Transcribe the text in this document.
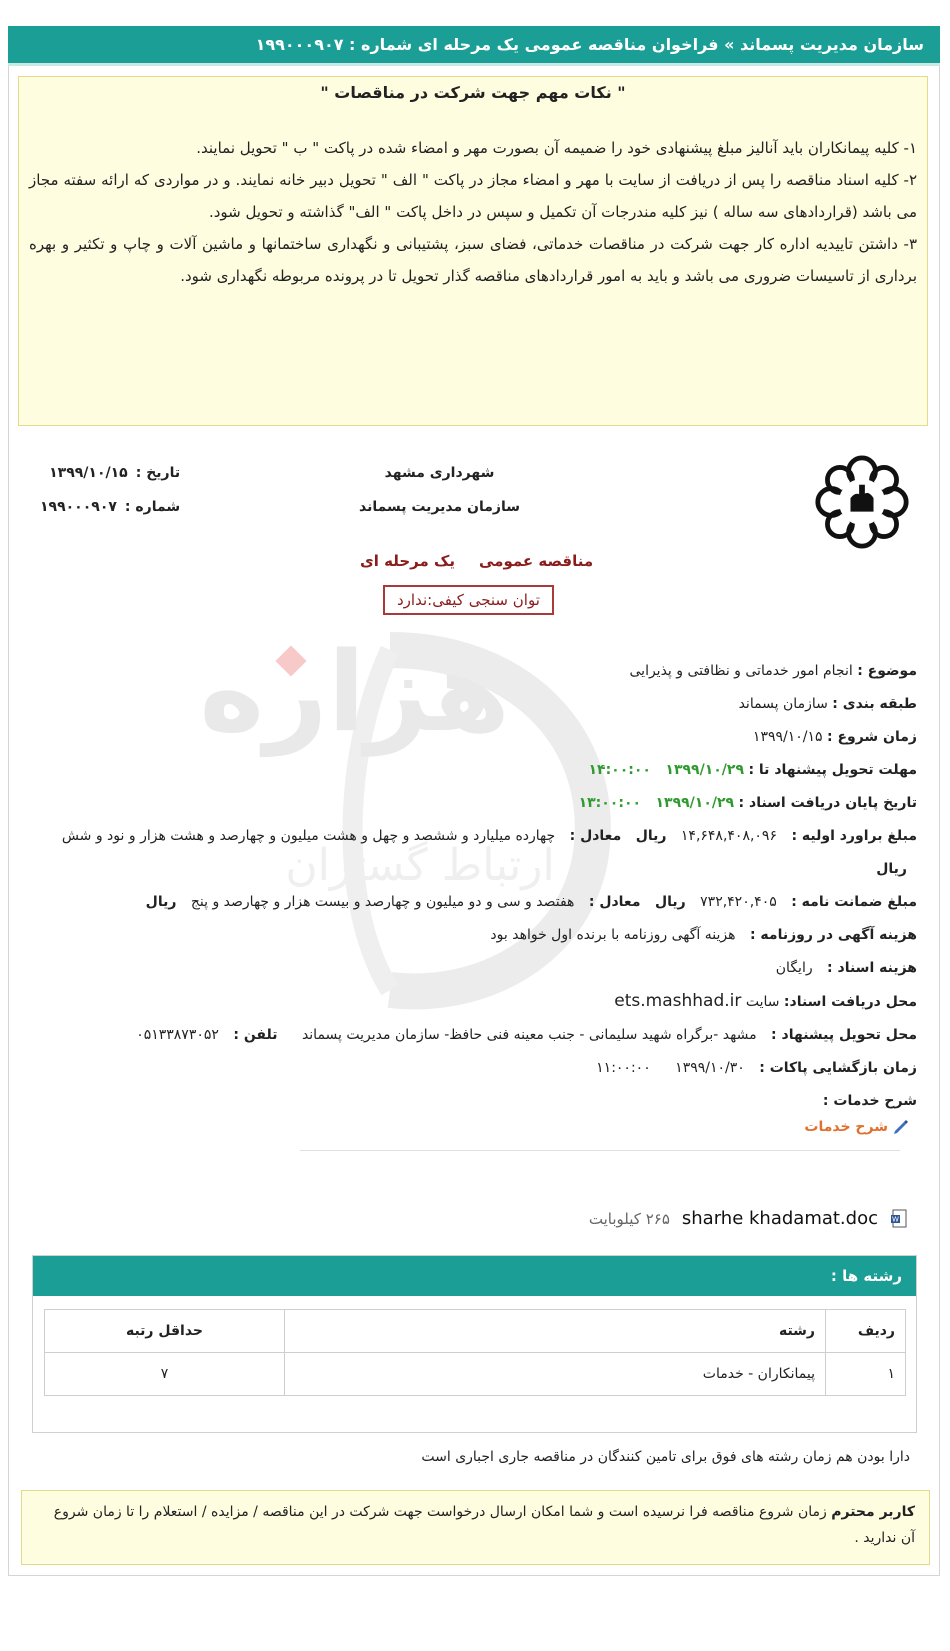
سازمان مدیریت پسماند » فراخوان مناقصه عمومی یک مرحله ای شماره : ۱۹۹۰۰۰۹۰۷
" نکات مهم جهت شرکت در مناقصات "

۱- کلیه پیمانکاران باید آنالیز مبلغ پیشنهادی خود را ضمیمه آن بصورت مهر و امضاء شده در پاکت " ب " تحویل نمایند.

۲- کلیه اسناد مناقصه را پس از دریافت از سایت با مهر و امضاء مجاز در پاکت " الف " تحویل دبیر خانه نمایند. و در مواردی که ارائه سفته مجاز می باشد (قراردادهای سه ساله ) نیز کلیه مندرجات آن تکمیل و سپس در داخل پاکت " الف" گذاشته و تحویل شود.

۳- داشتن تاییدیه اداره کار جهت شرکت در مناقصات خدماتی، فضای سبز، پشتیبانی و نگهداری ساختمانها و ماشین آلات و چاپ و تکثیر و بهره برداری از تاسیسات ضروری می باشد و باید به امور قراردادهای مناقصه گذار تحویل تا در پرونده مربوطه نگهداری شود.

هزاره
ارتباط گستران
شهرداری مشهد
سازمان مدیریت پسماند
تاریخ :
۱۳۹۹/۱۰/۱۵
شماره :
۱۹۹۰۰۰۹۰۷
مناقصه عمومی
یک مرحله ای
توان سنجی کیفی:ندارد
موضوع : انجام امور خدماتی و نظافتی و پذیرایی
طبقه بندی : سازمان پسماند
زمان شروع : ۱۳۹۹/۱۰/۱۵
مهلت تحویل پیشنهاد تا : ۱۳۹۹/۱۰/۲۹ ۱۴:۰۰:۰۰
تاریخ پایان دریافت اسناد : ۱۳۹۹/۱۰/۲۹ ۱۳:۰۰:۰۰
مبلغ براورد اولیه : ۱۴,۶۴۸,۴۰۸,۰۹۶ ریال معادل : چهارده میلیارد و ششصد و چهل و هشت میلیون و چهارصد و هشت هزار و نود و شش ریال
مبلغ ضمانت نامه : ۷۳۲,۴۲۰,۴۰۵ ریال معادل : هفتصد و سی و دو میلیون و چهارصد و بیست هزار و چهارصد و پنج ریال
هزینه آگهی در روزنامه : هزینه آگهی روزنامه با برنده اول خواهد بود
هزینه اسناد : رایگان
محل دریافت اسناد: سایت ets.mashhad.ir
محل تحویل پیشنهاد : مشهد -برگراه شهید سلیمانی - جنب معینه فنی حافظ- سازمان مدیریت پسماند تلفن : ۰۵۱۳۳۸۷۳۰۵۲
زمان بازگشایی پاکات : ۱۳۹۹/۱۰/۳۰ ۱۱:۰۰:۰۰
شرح خدمات :
شرح خدمات
W
sharhe khadamat.doc
۲۶۵ کیلوبایت
رشته ها :
ردیف	رشته	حداقل رتبه
۱	پیمانکاران - خدمات	۷
دارا بودن هم زمان رشته های فوق برای تامین کنندگان در مناقصه جاری اجباری است
کاربر محترم زمان شروع مناقصه فرا نرسیده است و شما امکان ارسال درخواست جهت شرکت در این مناقصه / مزایده / استعلام را تا زمان شروع آن ندارید .
